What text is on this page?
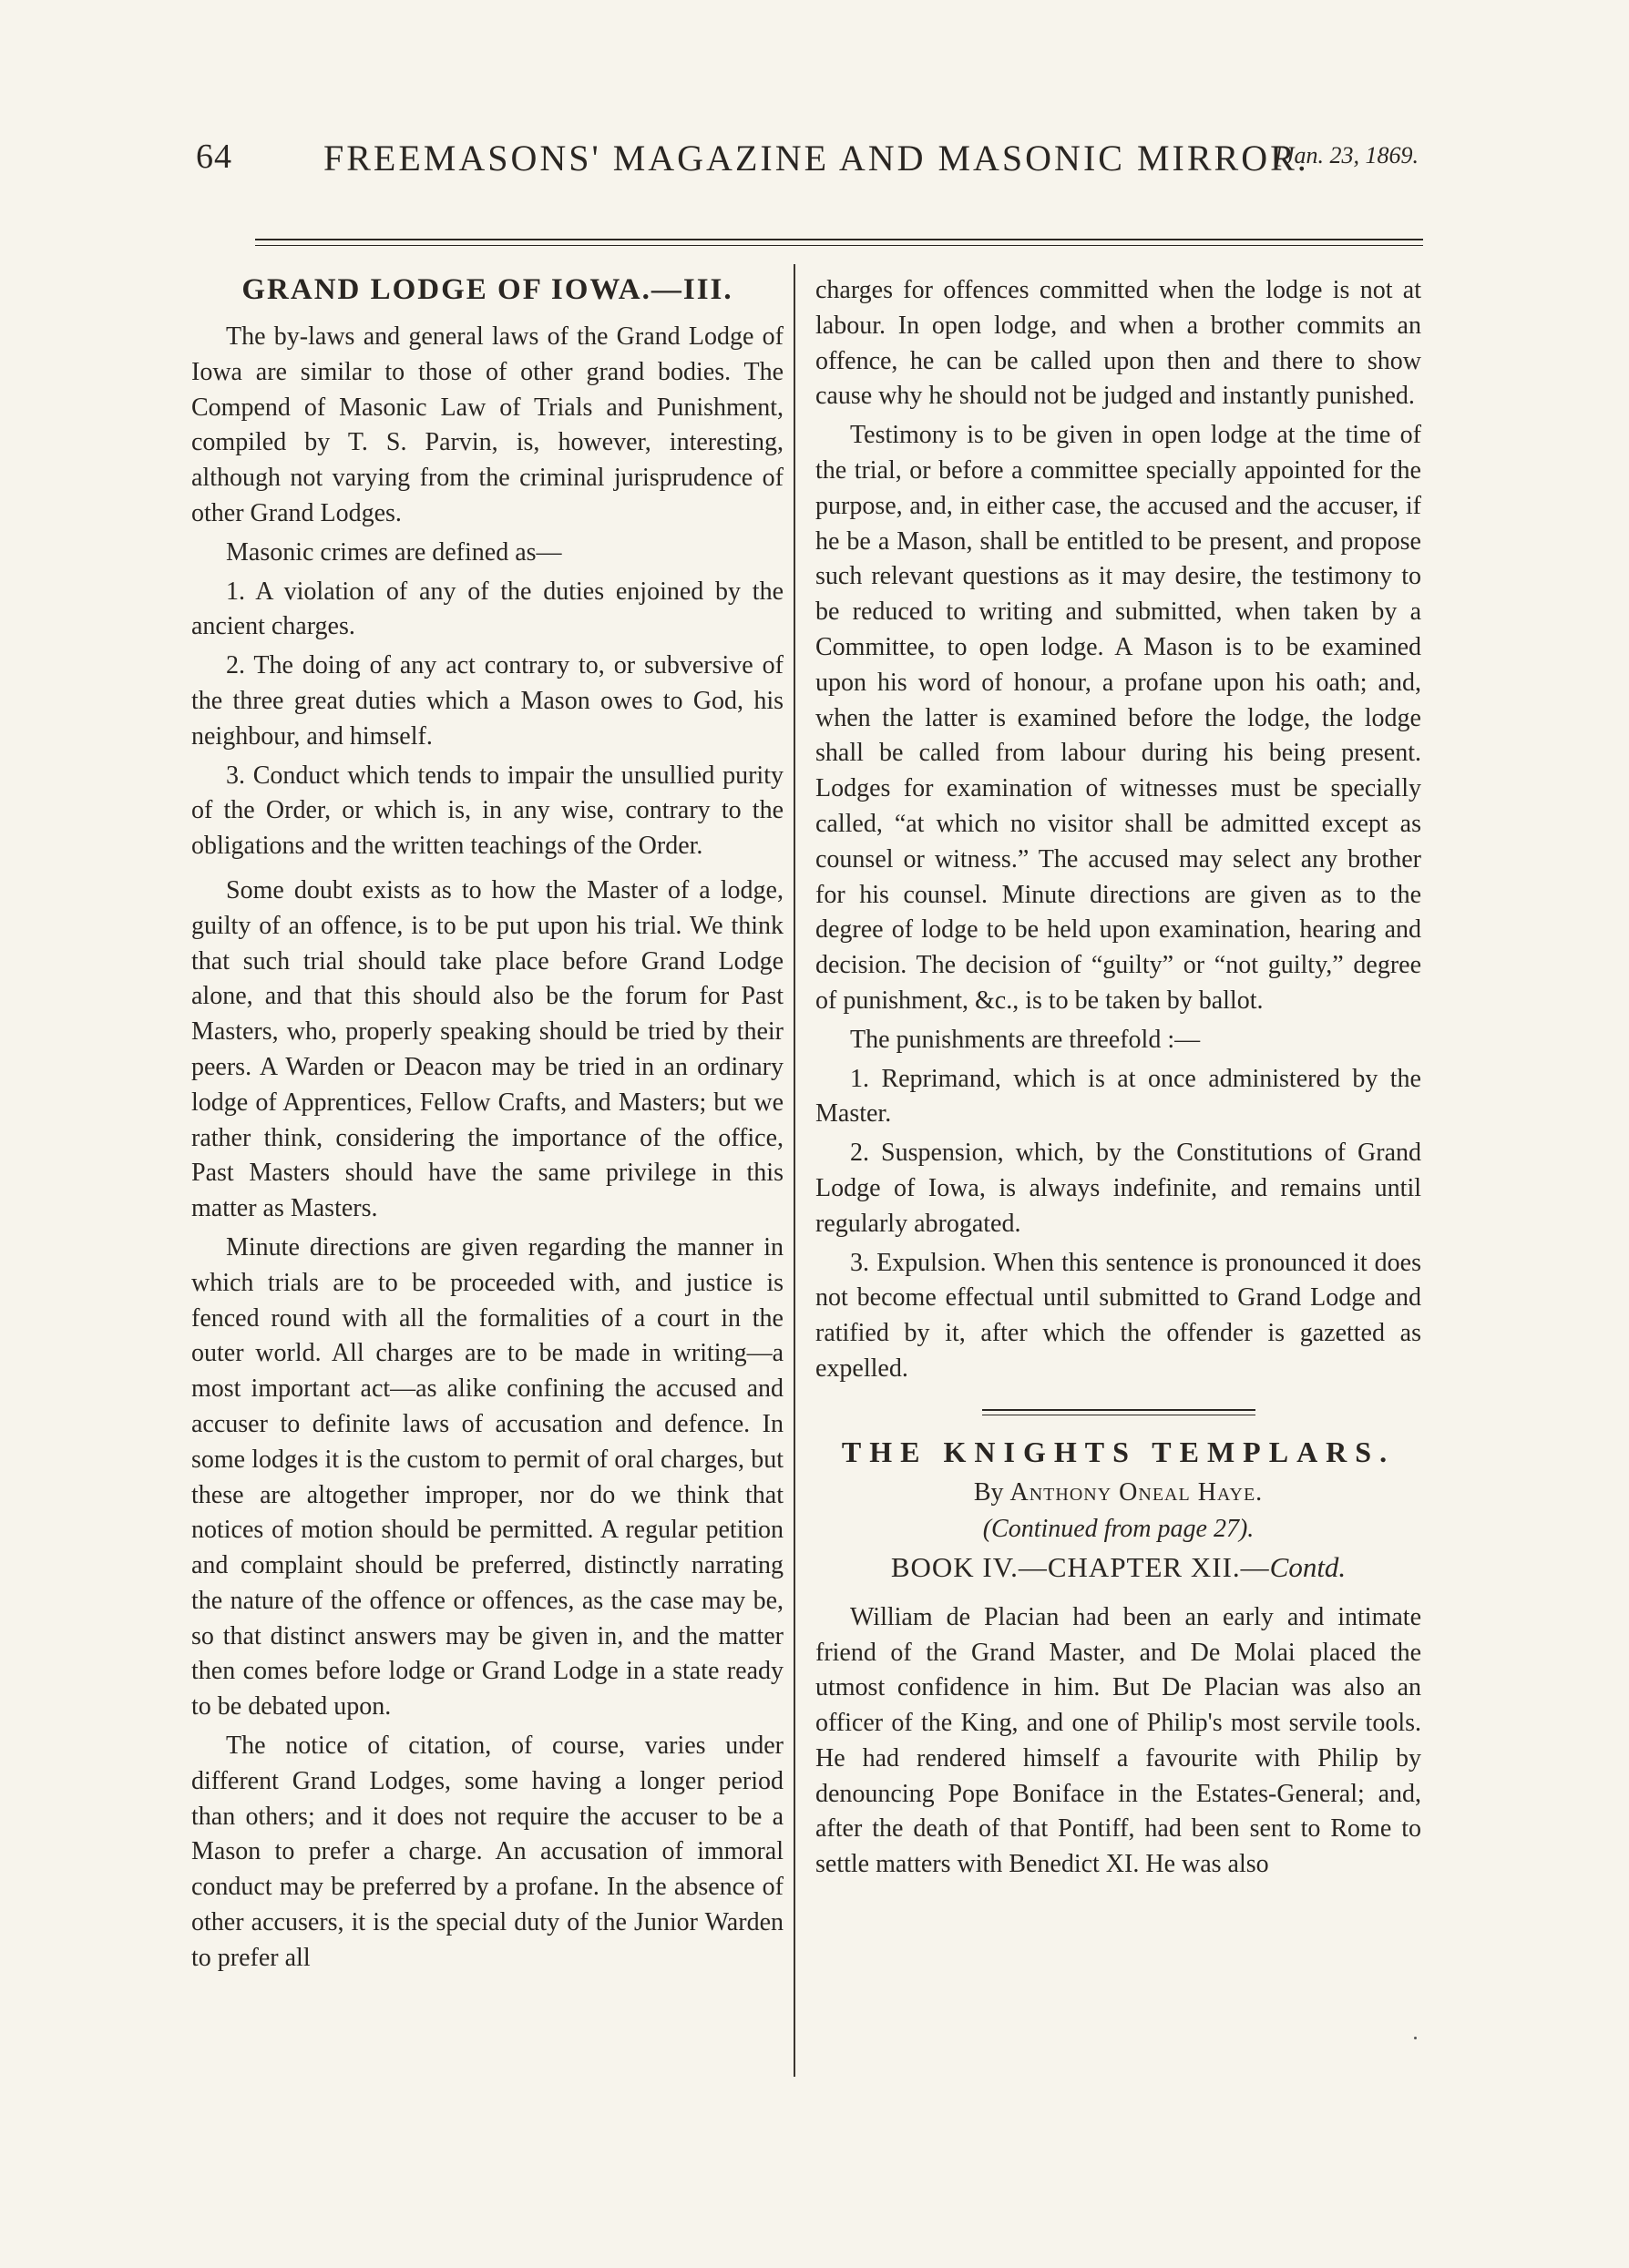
64	FREEMASONS' MAGAZINE AND MASONIC MIRROR.
[Jan. 23, 1869.
GRAND LODGE OF IOWA.—III.

The by-laws and general laws of the Grand Lodge of Iowa are similar to those of other grand bodies. The Compend of Masonic Law of Trials and Punishment, compiled by T. S. Parvin, is, however, interesting, although not varying from the criminal jurisprudence of other Grand Lodges.

Masonic crimes are defined as—

1. A violation of any of the duties enjoined by the ancient charges.

2. The doing of any act contrary to, or subversive of the three great duties which a Mason owes to God, his neighbour, and himself.

3. Conduct which tends to impair the unsullied purity of the Order, or which is, in any wise, contrary to the obligations and the written teachings of the Order.

Some doubt exists as to how the Master of a lodge, guilty of an offence, is to be put upon his trial. We think that such trial should take place before Grand Lodge alone, and that this should also be the forum for Past Masters, who, properly speaking should be tried by their peers. A Warden or Deacon may be tried in an ordinary lodge of Apprentices, Fellow Crafts, and Masters; but we rather think, considering the importance of the office, Past Masters should have the same privilege in this matter as Masters.

Minute directions are given regarding the manner in which trials are to be proceeded with, and justice is fenced round with all the formalities of a court in the outer world. All charges are to be made in writing—a most important act—as alike confining the accused and accuser to definite laws of accusation and defence. In some lodges it is the custom to permit of oral charges, but these are altogether improper, nor do we think that notices of motion should be permitted. A regular petition and complaint should be preferred, distinctly narrating the nature of the offence or offences, as the case may be, so that distinct answers may be given in, and the matter then comes before lodge or Grand Lodge in a state ready to be debated upon.

The notice of citation, of course, varies under different Grand Lodges, some having a longer period than others; and it does not require the accuser to be a Mason to prefer a charge. An accusation of immoral conduct may be preferred by a profane. In the absence of other accusers, it is the special duty of the Junior Warden to prefer all

charges for offences committed when the lodge is not at labour. In open lodge, and when a brother commits an offence, he can be called upon then and there to show cause why he should not be judged and instantly punished.

Testimony is to be given in open lodge at the time of the trial, or before a committee specially appointed for the purpose, and, in either case, the accused and the accuser, if he be a Mason, shall be entitled to be present, and propose such relevant questions as it may desire, the testimony to be reduced to writing and submitted, when taken by a Committee, to open lodge. A Mason is to be examined upon his word of honour, a profane upon his oath; and, when the latter is examined before the lodge, the lodge shall be called from labour during his being present. Lodges for examination of witnesses must be specially called, “at which no visitor shall be admitted except as counsel or witness.” The accused may select any brother for his counsel. Minute directions are given as to the degree of lodge to be held upon examination, hearing and decision. The decision of “guilty” or “not guilty,” degree of punishment, &c., is to be taken by ballot.

The punishments are threefold :—

1. Reprimand, which is at once administered by the Master.

2. Suspension, which, by the Constitutions of Grand Lodge of Iowa, is always indefinite, and remains until regularly abrogated.

3. Expulsion. When this sentence is pronounced it does not become effectual until submitted to Grand Lodge and ratified by it, after which the offender is gazetted as expelled.

THE KNIGHTS TEMPLARS.
By Anthony Oneal Haye.
(Continued from page 27).
BOOK IV.—CHAPTER XII.—Contd.

William de Placian had been an early and intimate friend of the Grand Master, and De Molai placed the utmost confidence in him. But De Placian was also an officer of the King, and one of Philip's most servile tools. He had rendered himself a favourite with Philip by denouncing Pope Boniface in the Estates-General; and, after the death of that Pontiff, had been sent to Rome to settle matters with Benedict XI. He was also
